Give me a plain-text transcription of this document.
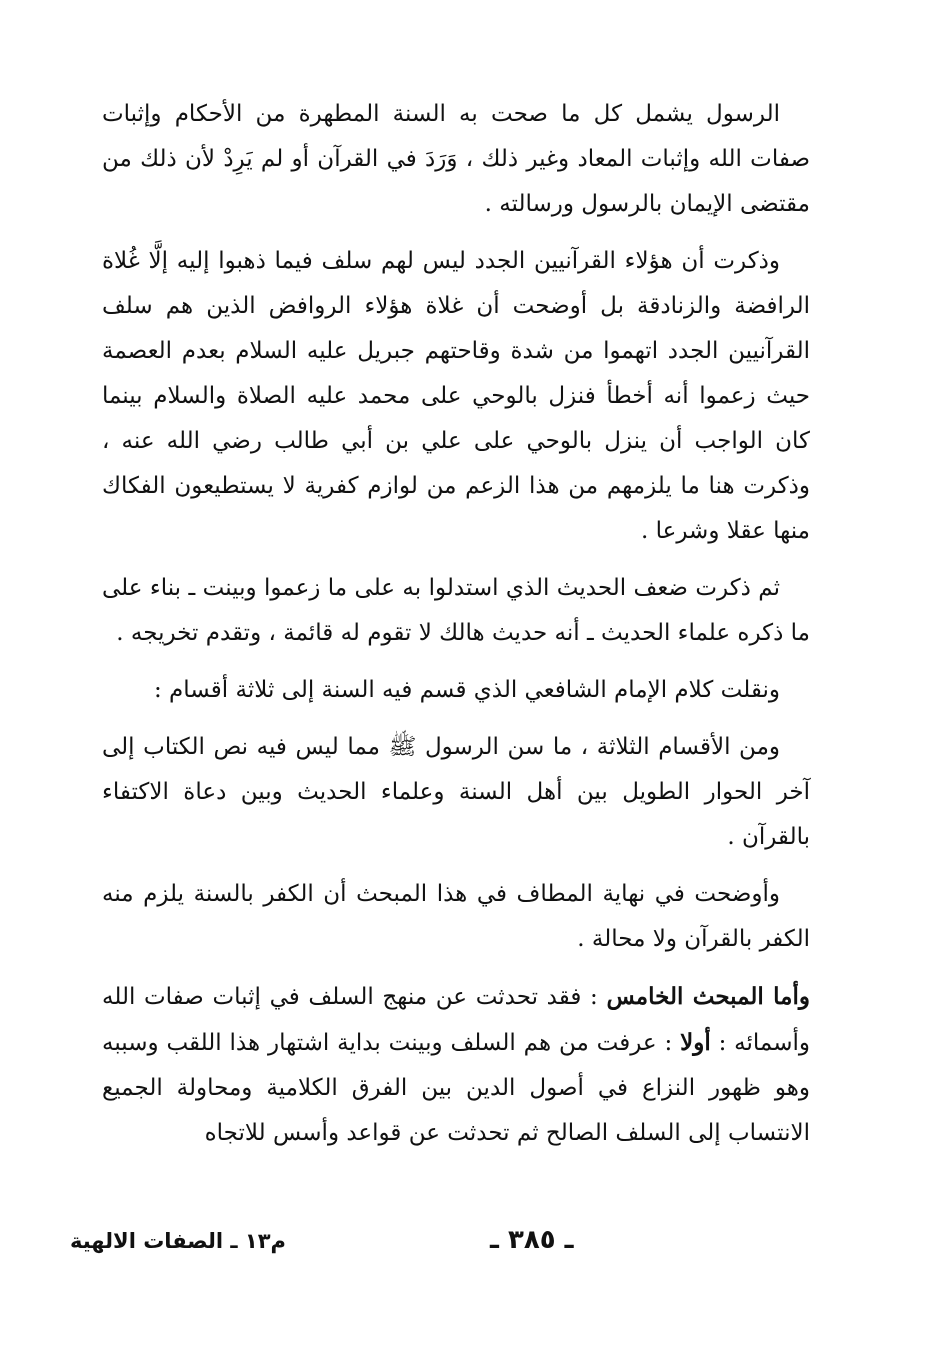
الرسول يشمل كل ما صحت به السنة المطهرة من الأحكام وإثبات صفات الله وإثبات المعاد وغير ذلك ، وَرَدَ في القرآن أو لم يَرِدْ لأن ذلك من مقتضى الإيمان بالرسول ورسالته .

وذكرت أن هؤلاء القرآنيين الجدد ليس لهم سلف فيما ذهبوا إليه إلَّا غُلاة الرافضة والزنادقة بل أوضحت أن غلاة هؤلاء الروافض الذين هم سلف القرآنيين الجدد اتهموا من شدة وقاحتهم جبريل عليه السلام بعدم العصمة حيث زعموا أنه أخطأ فنزل بالوحي على محمد عليه الصلاة والسلام بينما كان الواجب أن ينزل بالوحي على علي بن أبي طالب رضي الله عنه ، وذكرت هنا ما يلزمهم من هذا الزعم من لوازم كفرية لا يستطيعون الفكاك منها عقلا وشرعا .

ثم ذكرت ضعف الحديث الذي استدلوا به على ما زعموا وبينت ـ بناء على ما ذكره علماء الحديث ـ أنه حديث هالك لا تقوم له قائمة ، وتقدم تخريجه .

ونقلت كلام الإمام الشافعي الذي قسم فيه السنة إلى ثلاثة أقسام :

ومن الأقسام الثلاثة ، ما سن الرسول ﷺ مما ليس فيه نص الكتاب إلى آخر الحوار الطويل بين أهل السنة وعلماء الحديث وبين دعاة الاكتفاء بالقرآن .

وأوضحت في نهاية المطاف في هذا المبحث أن الكفر بالسنة يلزم منه الكفر بالقرآن ولا محالة .

وأما المبحث الخامس : فقد تحدثت عن منهج السلف في إثبات صفات الله وأسمائه : أولا : عرفت من هم السلف وبينت بداية اشتهار هذا اللقب وسببه وهو ظهور النزاع في أصول الدين بين الفرق الكلامية ومحاولة الجميع الانتساب إلى السلف الصالح ثم تحدثت عن قواعد وأسس للاتجاه

م١٣ ـ الصفات الالهية	ـ ٣٨٥ ـ
